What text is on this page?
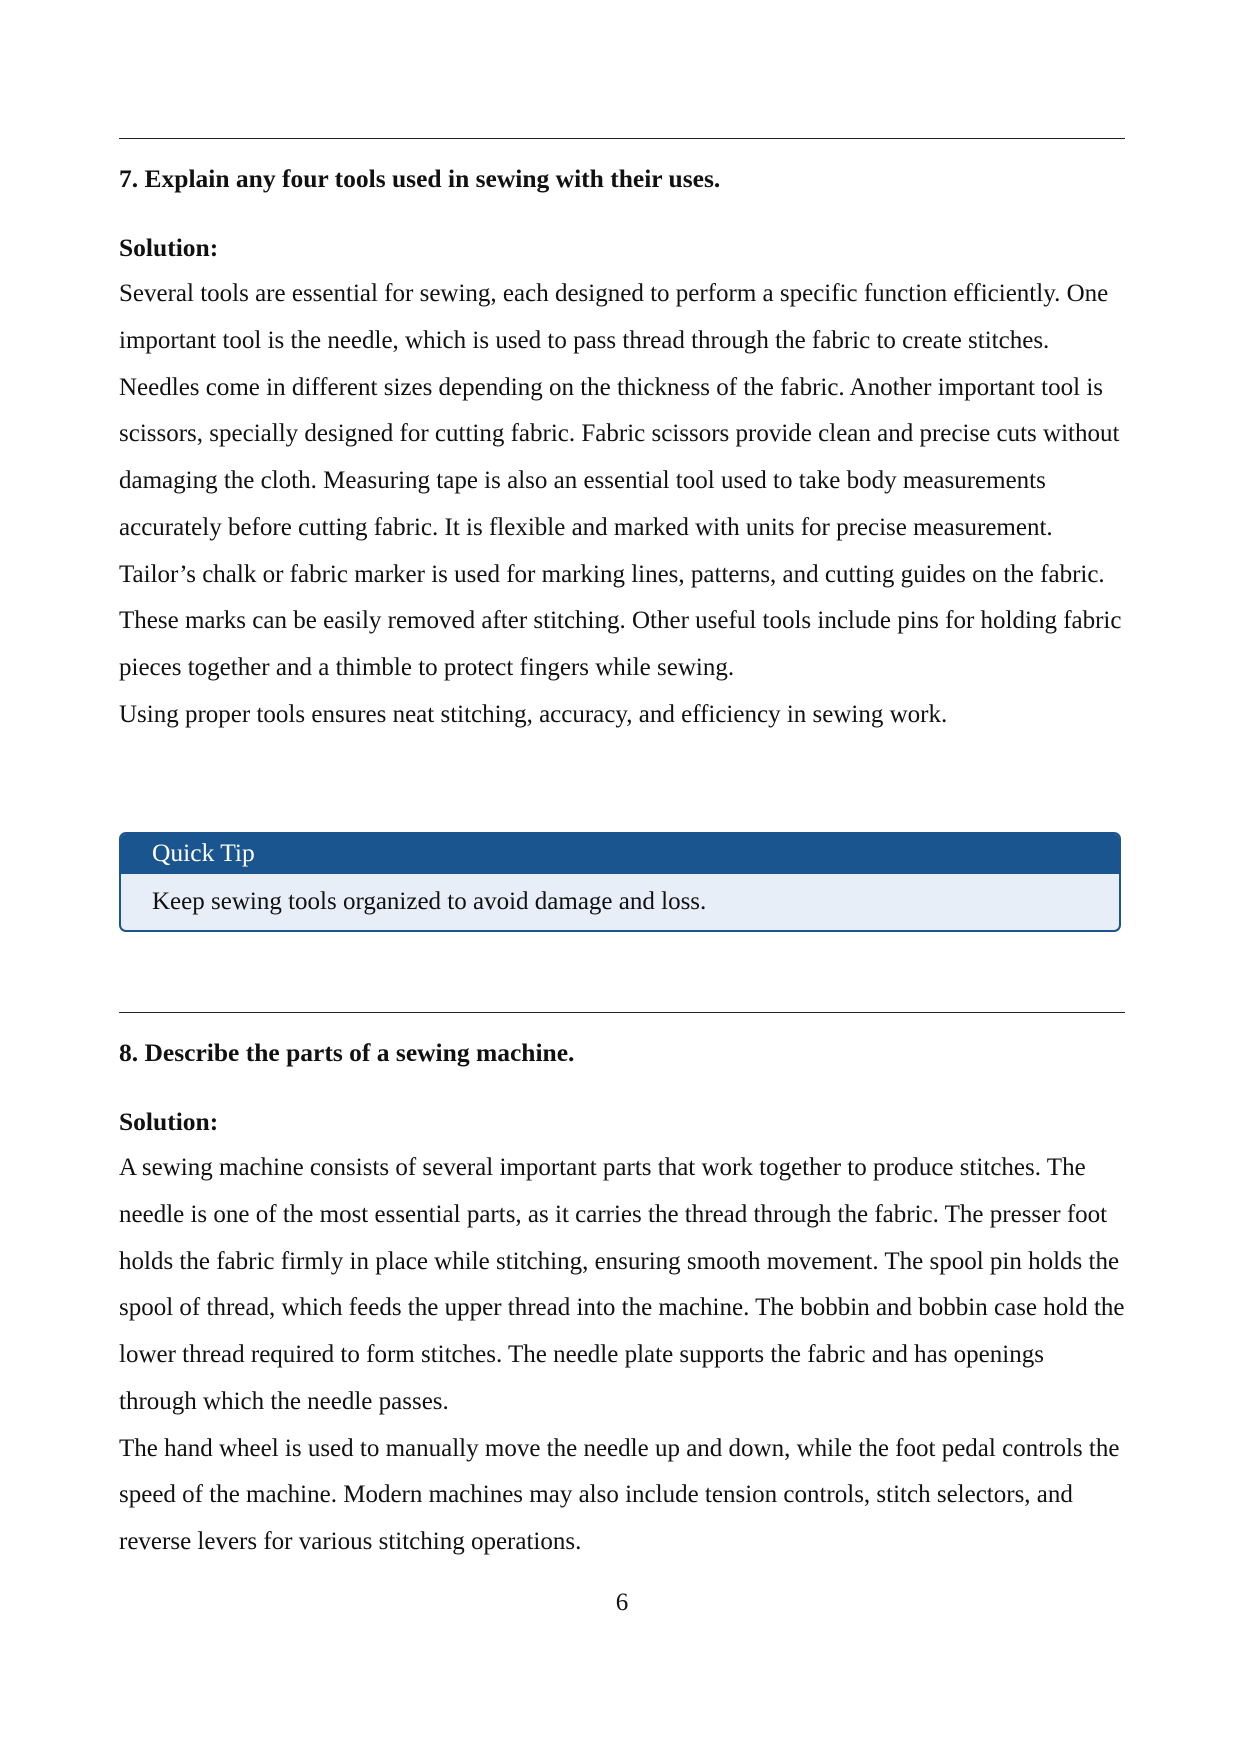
7. Explain any four tools used in sewing with their uses.
Solution:

Several tools are essential for sewing, each designed to perform a specific function efficiently. One important tool is the needle, which is used to pass thread through the fabric to create stitches. Needles come in different sizes depending on the thickness of the fabric. Another important tool is scissors, specially designed for cutting fabric. Fabric scissors provide clean and precise cuts without damaging the cloth. Measuring tape is also an essential tool used to take body measurements accurately before cutting fabric. It is flexible and marked with units for precise measurement.

Tailor’s chalk or fabric marker is used for marking lines, patterns, and cutting guides on the fabric. These marks can be easily removed after stitching. Other useful tools include pins for holding fabric pieces together and a thimble to protect fingers while sewing.

Using proper tools ensures neat stitching, accuracy, and efficiency in sewing work.

Quick Tip
Keep sewing tools organized to avoid damage and loss.
8. Describe the parts of a sewing machine.
Solution:

A sewing machine consists of several important parts that work together to produce stitches. The needle is one of the most essential parts, as it carries the thread through the fabric. The presser foot holds the fabric firmly in place while stitching, ensuring smooth movement. The spool pin holds the spool of thread, which feeds the upper thread into the machine. The bobbin and bobbin case hold the lower thread required to form stitches. The needle plate supports the fabric and has openings through which the needle passes.

The hand wheel is used to manually move the needle up and down, while the foot pedal controls the speed of the machine. Modern machines may also include tension controls, stitch selectors, and reverse levers for various stitching operations.

6
